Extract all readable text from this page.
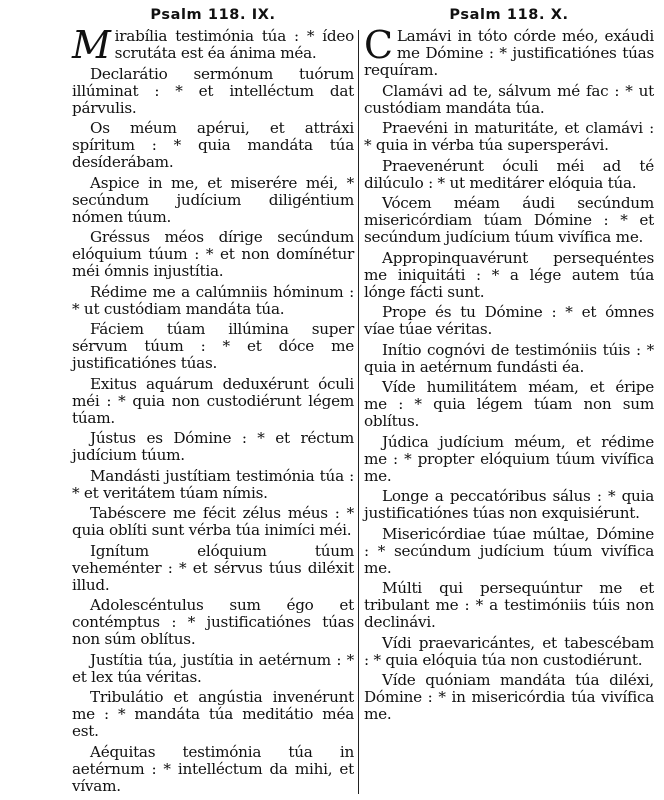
Psalm 118. IX.

Mirabília testimónia túa : * ídeo scrutáta est éa ánima méa.

Declarátio sermónum tuórum illúminat : * et intelléctum dat párvulis.

Os méum apérui, et attráxi spíritum : * quia mandáta túa desíderábam.

Aspice in me, et miserére méi, * secúndum judícium diligéntium nómen túum.

Gréssus méos dírige secúndum elóquium túum : * et non domínétur méi ómnis injustítia.

Rédime me a calúmniis hóminum : * ut custódiam mandáta túa.

Fáciem túam illúmina super sérvum túum : * et dóce me justificatiónes túas.

Exitus aquárum deduxérunt óculi méi : * quia non custodiérunt légem túam.

Jústus es Dómine : * et réctum judícium túum.

Mandásti justítiam testimónia túa : * et veritátem túam nímis.

Tabéscere me fécit zélus méus : * quia oblíti sunt vérba túa inimíci méi.

Ignítum elóquium túum veheménter : * et sérvus túus diléxit illud.

Adolescéntulus sum égo et contémptus : * justificatiónes túas non súm oblítus.

Justítia túa, justítia in aetérnum : * et lex túa véritas.

Tribulátio et angústia invenérunt me : * mandáta túa meditátio méa est.

Aéquitas testimónia túa in aetérnum : * intelléctum da mihi, et vívam.

Psalm 118. X.

C Lamávi in tóto córde méo, exáudi me Dómine : * justificatiónes túas requíram.

Clamávi ad te, sálvum mé fac : * ut custódiam mandáta túa.

Praevéni in maturitáte, et clamávi : * quia in vérba túa supersperávi.

Praevenérunt óculi méi ad té dilúculo : * ut meditárer elóquia túa.

Vócem méam áudi secúndum misericórdiam túam Dómine : * et secúndum judícium túum vivífica me.

Appropinquavérunt persequéntes me iniquitáti : * a lége autem túa lónge fácti sunt.

Prope és tu Dómine : * et ómnes víae túae véritas.

Inítio cognóvi de testimóniis túis : * quia in aetérnum fundásti éa.

Víde humilitátem méam, et éripe me : * quia légem túam non sum oblítus.

Júdica judícium méum, et rédime me : * propter elóquium túum vivífica me.

Longe a peccatóribus sálus : * quia justificatiónes túas non exquisiérunt.

Misericórdiae túae múltae, Dómine : * secúndum judícium túum vivífica me.

Múlti qui persequúntur me et tribulant me : * a testimóniis túis non declinávi.

Vídi praevaricántes, et tabescébam : * quia elóquia túa non custodiérunt.

Víde quóniam mandáta túa diléxi, Dómine : * in misericórdia túa vivífica me.
